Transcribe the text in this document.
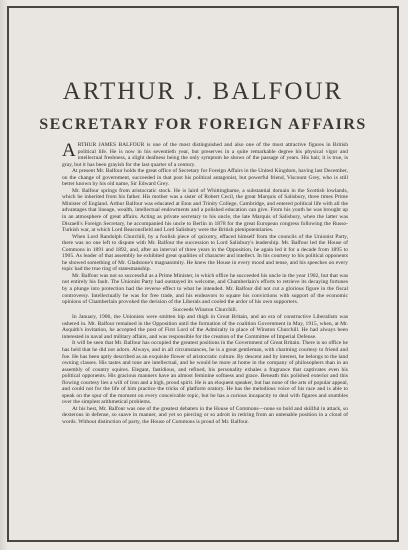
ARTHUR J. BALFOUR
SECRETARY FOR FOREIGN AFFAIRS

ARTHUR JAMES BALFOUR is one of the most distinguished and also one of the most attractive figures in British political life. He is now in his seventieth year, but preserves in a quite remarkable degree his physical vigor and intellectual freshness, a slight deafness being the only symptom he shows of the passage of years. His hair, it is true, is gray, but it has been grayish for the last quarter of a century.

At present Mr. Balfour holds the great office of Secretary for Foreign Affairs in the United Kingdom, having last December, on the change of government, succeeded in that post his political antagonist, but powerful friend, Viscount Grey, who is still better known by his old name, Sir Edward Grey.

Mr. Balfour springs from aristocratic stock. He is laird of Whittinghame, a substantial domain in the Scottish lowlands, which he inherited from his father. His mother was a sister of Robert Cecil, the great Marquis of Salisbury, three times Prime Minister of England. Arthur Balfour was educated at Eton and Trinity College, Cambridge, and entered political life with all the advantages that lineage, wealth, intellectual endowments and a polished education can give. From his youth he was brought up in an atmosphere of great affairs. Acting as private secretary to his uncle, the late Marquis of Salisbury, when the latter was Disraeli's Foreign Secretary, he accompanied his uncle to Berlin in 1878 for the great European congress following the Russo-Turkish war, at which Lord Beaconsfield and Lord Salisbury were the British plenipotentiaries.

When Lord Randolph Churchill, by a foolish piece of quixotry, effaced himself from the councils of the Unionist Party, there was no one left to dispute with Mr. Balfour the succession to Lord Salisbury's leadership. Mr. Balfour led the House of Commons in 1891 and 1892, and, after an interval of three years in the Opposition, he again led it for a decade from 1895 to 1905. As leader of that assembly he exhibited great qualities of character and intellect. In his courtesy to his political opponents he showed something of Mr. Gladstone's magnanimity. He knew the House in every mood and tense, and his speeches on every topic had the true ring of statesmanship.

Mr. Balfour was not so successful as a Prime Minister, in which office he succeeded his uncle in the year 1902, but that was not entirely his fault. The Unionist Party had outstayed its welcome, and Chamberlain's efforts to retrieve its decaying fortunes by a plunge into protection had the reverse effect to what he intended. Mr. Balfour did not cut a glorious figure in the fiscal controversy. Intellectually he was for free trade, and his endeavors to square his convictions with support of the economic opinions of Chamberlain provoked the derision of the Liberals and cooled the ardor of his own supporters.

Succeeds Winston Churchill.

In January, 1906, the Unionists were smitten hip and thigh in Great Britain, and an era of constructive Liberalism was ushered in. Mr. Balfour remained in the Opposition until the formation of the coalition Government in May, 1915, when, at Mr. Asquith's invitation, he accepted the post of First Lord of the Admiralty in place of Winston Churchill. He had always been interested in naval and military affairs, and was responsible for the creation of the Committee of Imperial Defense.

It will be seen that Mr. Balfour has occupied the greatest positions in the Government of Great Britain. There is no office he has held that he did not adorn. Always, and in all circumstances, he is a great gentleman, with charming courtesy to friend and foe. He has been aptly described as an exquisite flower of aristocratic culture. By descent and by interest, he belongs to the land owning classes. His tastes and tone are intellectual, and he would be more at home in the company of philosophers than in an assembly of country squires. Elegant, fastidious, and refined, his personality exhales a fragrance that captivates even his political opponents. His gracious manners have an almost feminine softness and grace. Beneath this polished exterior and this flowing courtesy lies a will of iron and a high, proud spirit. He is an eloquent speaker, but has none of the arts of popular appeal, and could not for the life of him practice the tricks of platform oratory. He has the melodious voice of his race and is able to speak on the spur of the moment on every conceivable topic, but he has a curious incapacity to deal with figures and stumbles over the simplest arithmetical problems.

At his best, Mr. Balfour was one of the greatest debaters in the House of Commons—none so bold and skillful in attack, so dexterous in defense, so suave in manner, and yet so piercing or so adroit in retiring from an untenable position in a cloud of words. Without distinction of party, the House of Commons is proud of Mr. Balfour.
